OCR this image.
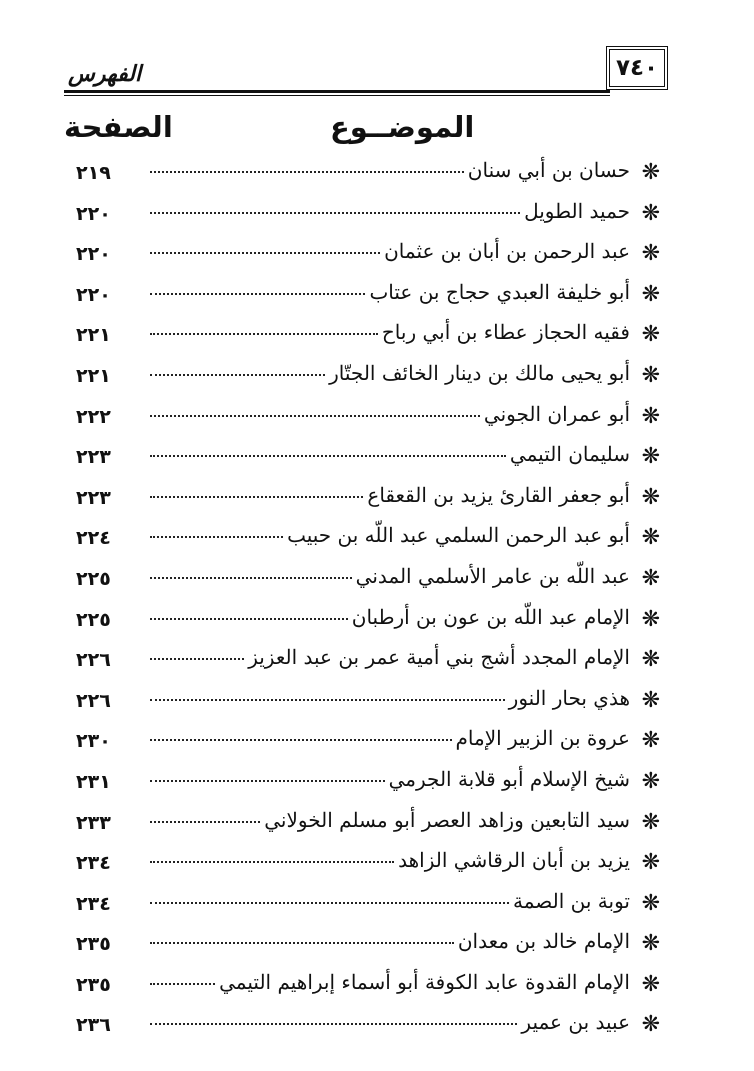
٧٤٠
الفهرس
الموضــوع
الصفحة
❋
حسان بن أبي سنان
٢١٩
❋
حميد الطويل
٢٢٠
❋
عبد الرحمن بن أبان بن عثمان
٢٢٠
❋
أبو خليفة العبدي حجاج بن عتاب
٢٢٠
❋
فقيه الحجاز عطاء بن أبي رباح
٢٢١
❋
أبو يحيى مالك بن دينار الخائف الجتّار
٢٢١
❋
أبو عمران الجوني
٢٢٢
❋
سليمان التيمي
٢٢٣
❋
أبو جعفر القارئ يزيد بن القعقاع
٢٢٣
❋
أبو عبد الرحمن السلمي عبد اللّه بن حبيب
٢٢٤
❋
عبد اللّه بن عامر الأسلمي المدني
٢٢٥
❋
الإمام عبد اللّه بن عون بن أرطبان
٢٢٥
❋
الإمام المجدد أشج بني أمية عمر بن عبد العزيز
٢٢٦
❋
هذي بحار النور
٢٢٦
❋
عروة بن الزبير الإمام
٢٣٠
❋
شيخ الإسلام أبو قلابة الجرمي
٢٣١
❋
سيد التابعين وزاهد العصر أبو مسلم الخولاني
٢٣٣
❋
يزيد بن أبان الرقاشي الزاهد
٢٣٤
❋
توبة بن الصمة
٢٣٤
❋
الإمام خالد بن معدان
٢٣٥
❋
الإمام القدوة عابد الكوفة أبو أسماء إبراهيم التيمي
٢٣٥
❋
عبيد بن عمير
٢٣٦
